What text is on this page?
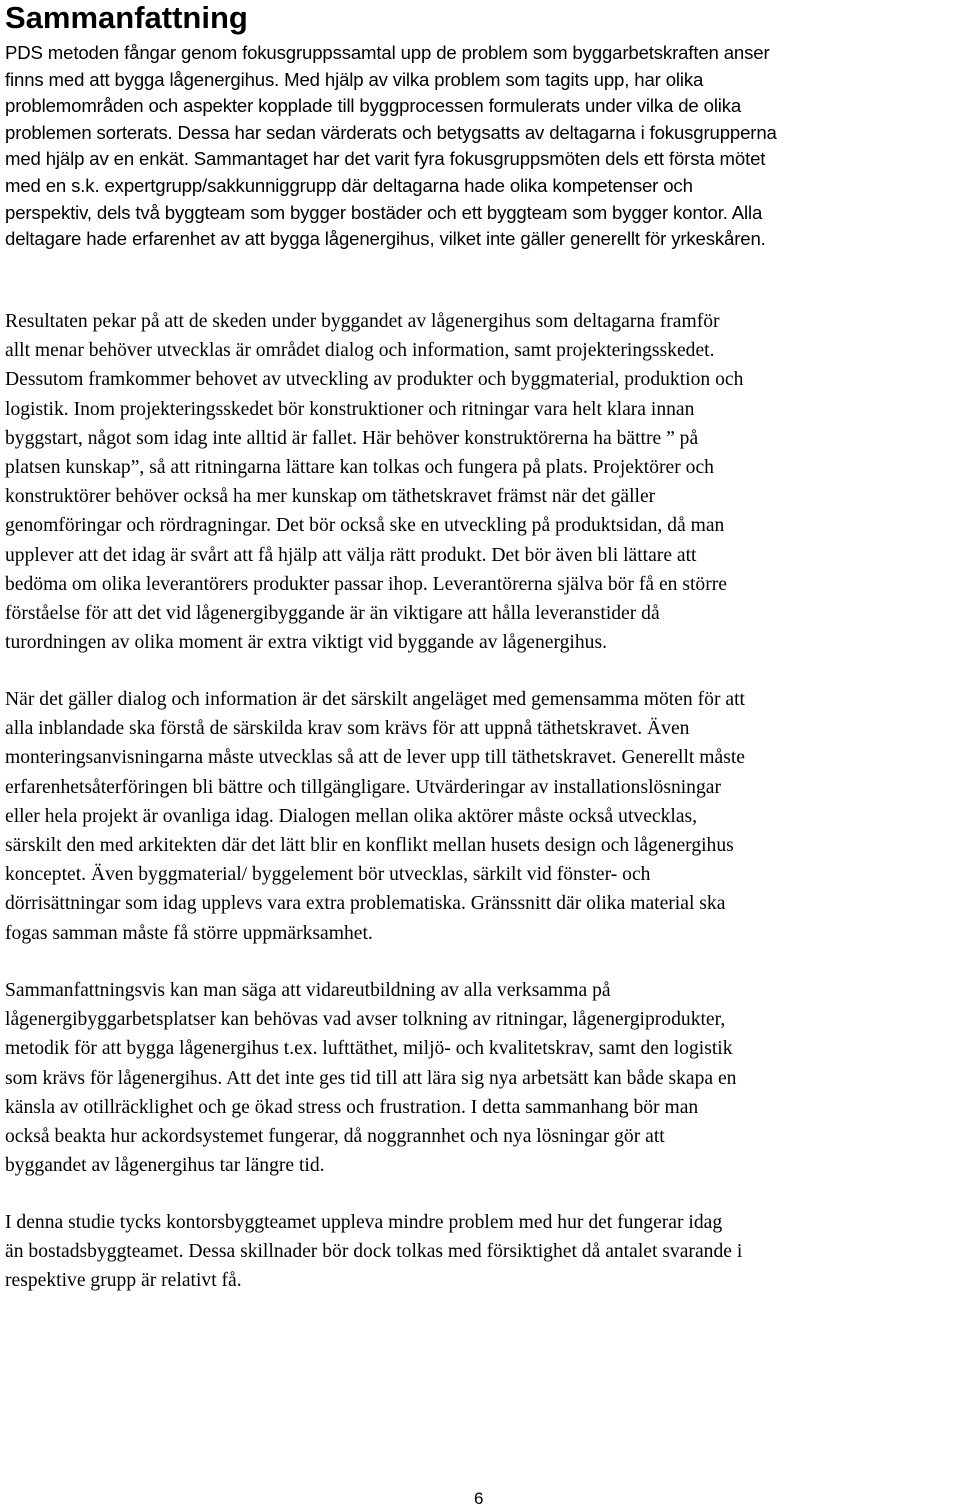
Sammanfattning

PDS metoden fångar genom fokusgruppssamtal upp de problem som byggarbetskraften anser
finns med att bygga lågenergihus. Med hjälp av vilka problem som tagits upp, har olika
problemområden och aspekter kopplade till byggprocessen formulerats under vilka de olika
problemen sorterats. Dessa har sedan värderats och betygsatts av deltagarna i fokusgrupperna
med hjälp av en enkät. Sammantaget har det varit fyra fokusgruppsmöten dels ett första mötet
med en s.k. expertgrupp/sakkunniggrupp där deltagarna hade olika kompetenser och
perspektiv, dels två byggteam som bygger bostäder och ett byggteam som bygger kontor. Alla
deltagare hade erfarenhet av att bygga lågenergihus, vilket inte gäller generellt för yrkeskåren.

Resultaten pekar på att de skeden under byggandet av lågenergihus som deltagarna framför
allt menar behöver utvecklas är området dialog och information, samt projekteringsskedet.
Dessutom framkommer behovet av utveckling av produkter och byggmaterial, produktion och
logistik. Inom projekteringsskedet bör konstruktioner och ritningar vara helt klara innan
byggstart, något som idag inte alltid är fallet. Här behöver konstruktörerna ha bättre ” på
platsen kunskap”, så att ritningarna lättare kan tolkas och fungera på plats. Projektörer och
konstruktörer behöver också ha mer kunskap om täthetskravet främst när det gäller
genomföringar och rördragningar. Det bör också ske en utveckling på produktsidan, då man
upplever att det idag är svårt att få hjälp att välja rätt produkt. Det bör även bli lättare att
bedöma om olika leverantörers produkter passar ihop. Leverantörerna själva bör få en större
förståelse för att det vid lågenergibyggande är än viktigare att hålla leveranstider då
turordningen av olika moment är extra viktigt vid byggande av lågenergihus.

När det gäller dialog och information är det särskilt angeläget med gemensamma möten för att
alla inblandade ska förstå de särskilda krav som krävs för att uppnå täthetskravet. Även
monteringsanvisningarna måste utvecklas så att de lever upp till täthetskravet. Generellt måste
erfarenhetsåterföringen bli bättre och tillgängligare. Utvärderingar av installationslösningar
eller hela projekt är ovanliga idag. Dialogen mellan olika aktörer måste också utvecklas,
särskilt den med arkitekten där det lätt blir en konflikt mellan husets design och lågenergihus
konceptet. Även byggmaterial/ byggelement bör utvecklas, särkilt vid fönster- och
dörrisättningar som idag upplevs vara extra problematiska. Gränssnitt där olika material ska
fogas samman måste få större uppmärksamhet.

Sammanfattningsvis kan man säga att vidareutbildning av alla verksamma på
lågenergibyggarbetsplatser kan behövas vad avser tolkning av ritningar, lågenergiprodukter,
metodik för att bygga lågenergihus t.ex. lufttäthet, miljö- och kvalitetskrav, samt den logistik
som krävs för lågenergihus. Att det inte ges tid till att lära sig nya arbetsätt kan både skapa en
känsla av otillräcklighet och ge ökad stress och frustration. I detta sammanhang bör man
också beakta hur ackordsystemet fungerar, då noggrannhet och nya lösningar gör att
byggandet av lågenergihus tar längre tid.

I denna studie tycks kontorsbyggteamet uppleva mindre problem med hur det fungerar idag
än bostadsbyggteamet. Dessa skillnader bör dock tolkas med försiktighet då antalet svarande i
respektive grupp är relativt få.

6
